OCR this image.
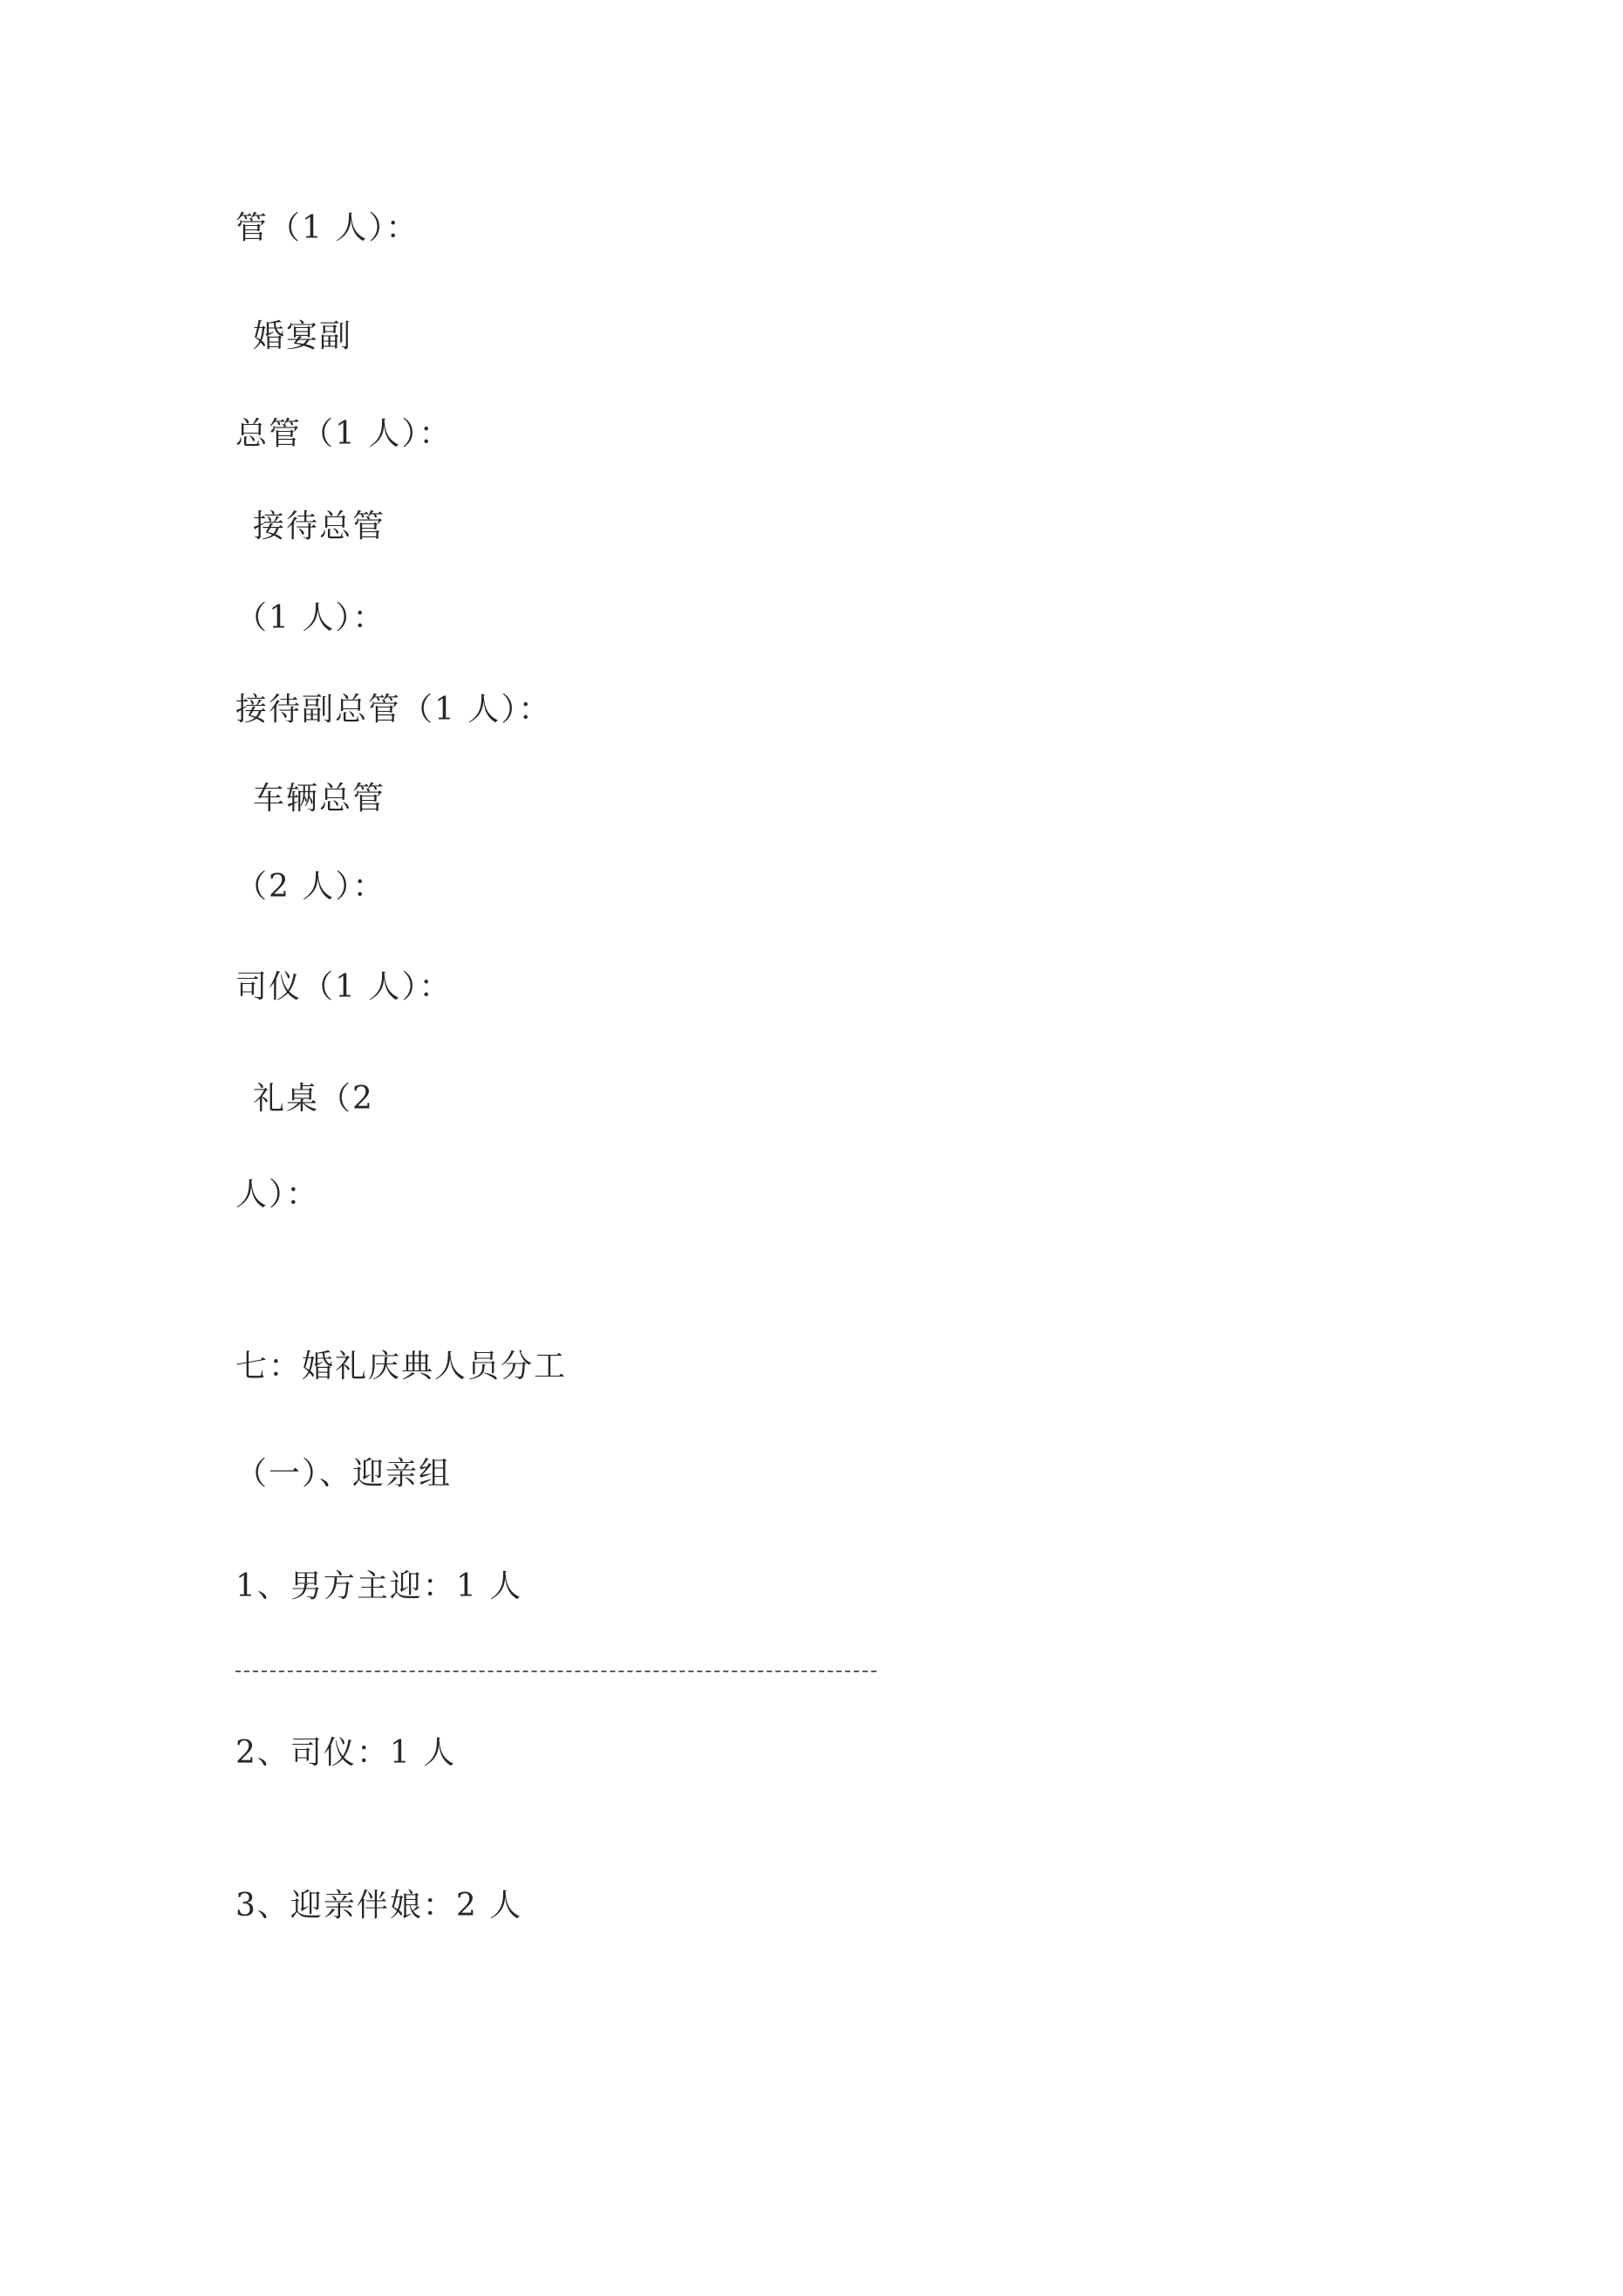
管（1 人）：
婚宴副
总管（1 人）：
接待总管
（1 人）：
接待副总管（1 人）：
车辆总管
（2 人）：
司仪（1 人）：
礼桌（2
人）：
七：婚礼庆典人员分工
（一）、迎亲组
1、男方主迎：1 人
2、司仪：1 人
3、迎亲伴娘：2 人
